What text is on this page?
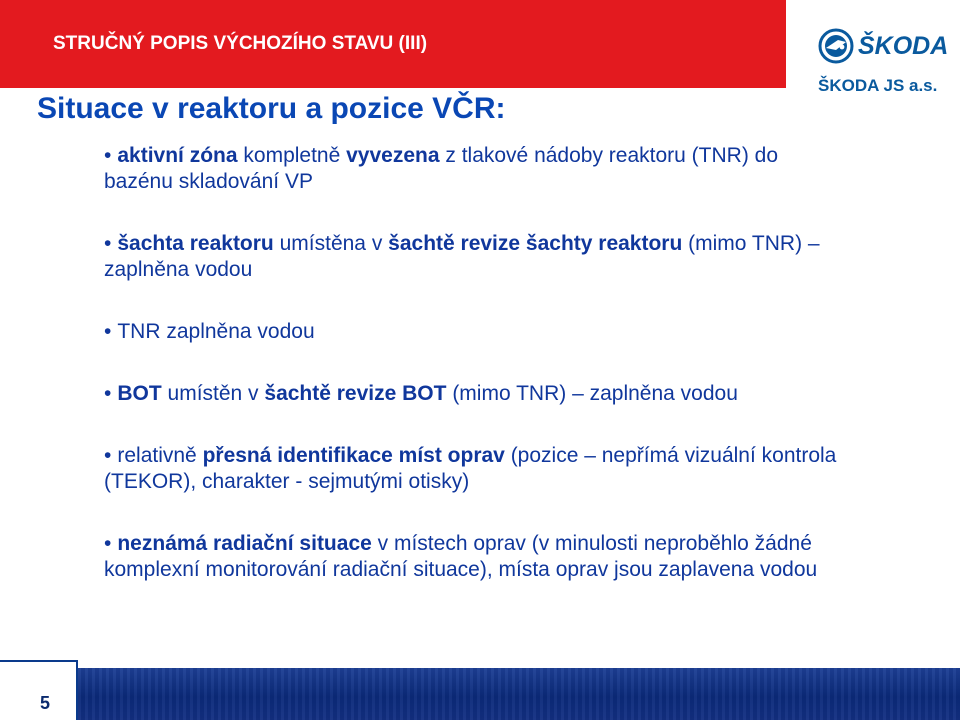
STRUČNÝ POPIS VÝCHOZÍHO STAVU (III)	ŠKODA
ŠKODA JS a.s.
Situace v reaktoru a pozice VČR:
• aktivní zóna kompletně vyvezena z tlakové nádoby reaktoru (TNR) do bazénu skladování VP
• šachta reaktoru umístěna v šachtě revize šachty reaktoru (mimo TNR) – zaplněna vodou
• TNR zaplněna vodou
• BOT umístěn v šachtě revize BOT (mimo TNR) – zaplněna vodou
• relativně přesná identifikace míst oprav (pozice – nepřímá vizuální kontrola (TEKOR), charakter - sejmutými otisky)
• neznámá radiační situace v místech oprav (v minulosti neproběhlo žádné komplexní monitorování radiační situace), místa oprav jsou zaplavena vodou
5
